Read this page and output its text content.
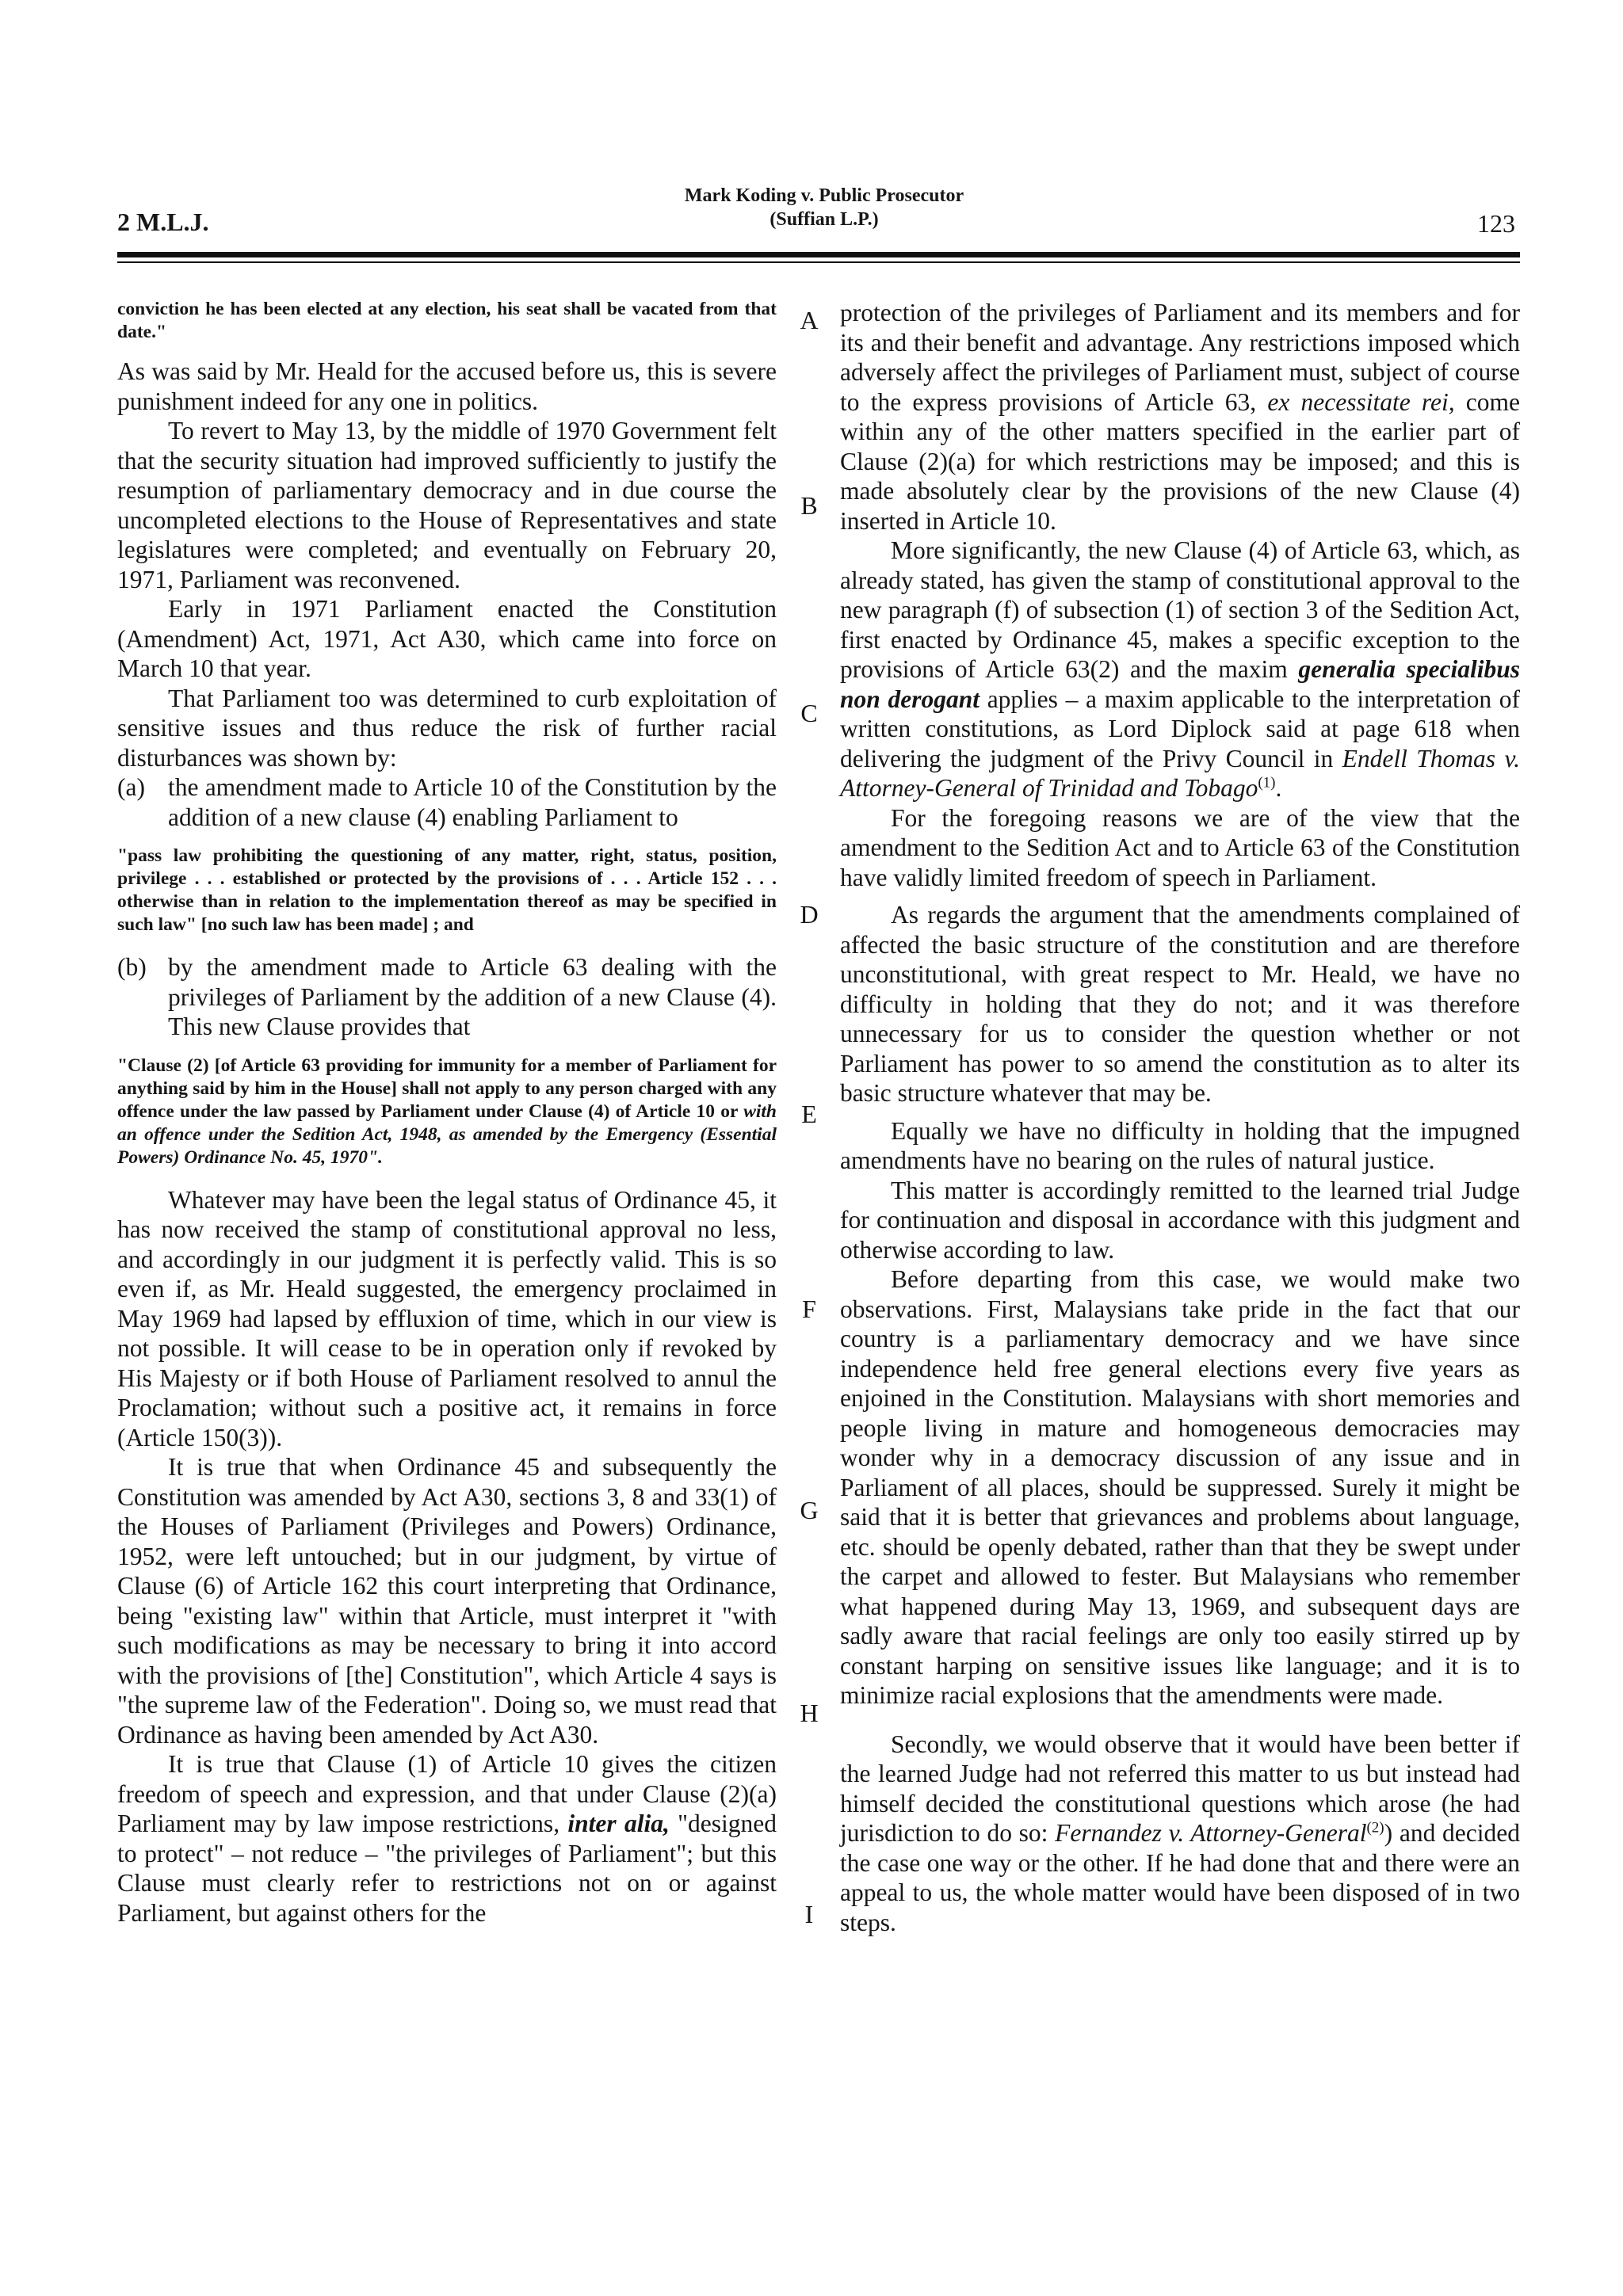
2 M.L.J.
Mark Koding v. Public Prosecutor
(Suffian L.P.)	123
conviction he has been elected at any election, his seat shall be vacated from that date."

As was said by Mr. Heald for the accused before us, this is severe punishment indeed for any one in politics.

To revert to May 13, by the middle of 1970 Government felt that the security situation had improved sufficiently to justify the resumption of parliamentary democracy and in due course the uncompleted elections to the House of Representatives and state legislatures were completed; and eventually on February 20, 1971, Parliament was reconvened.

Early in 1971 Parliament enacted the Constitution (Amendment) Act, 1971, Act A30, which came into force on March 10 that year.

That Parliament too was determined to curb exploitation of sensitive issues and thus reduce the risk of further racial disturbances was shown by:

(a) the amendment made to Article 10 of the Constitution by the addition of a new clause (4) enabling Parliament to
"pass law prohibiting the questioning of any matter, right, status, position, privilege . . . established or protected by the provisions of . . . Article 152 . . . otherwise than in relation to the implementation thereof as may be specified in such law" [no such law has been made] ; and
(b) by the amendment made to Article 63 dealing with the privileges of Parliament by the addition of a new Clause (4). This new Clause provides that
"Clause (2) [of Article 63 providing for immunity for a member of Parliament for anything said by him in the House] shall not apply to any person charged with any offence under the law passed by Parliament under Clause (4) of Article 10 or with an offence under the Sedition Act, 1948, as amended by the Emergency (Essential Powers) Ordinance No. 45, 1970".

Whatever may have been the legal status of Ordinance 45, it has now received the stamp of constitutional approval no less, and accordingly in our judgment it is perfectly valid. This is so even if, as Mr. Heald suggested, the emergency proclaimed in May 1969 had lapsed by effluxion of time, which in our view is not possible. It will cease to be in operation only if revoked by His Majesty or if both House of Parliament resolved to annul the Proclamation; without such a positive act, it remains in force (Article 150(3)).

It is true that when Ordinance 45 and subsequently the Constitution was amended by Act A30, sections 3, 8 and 33(1) of the Houses of Parliament (Privileges and Powers) Ordinance, 1952, were left untouched; but in our judgment, by virtue of Clause (6) of Article 162 this court interpreting that Ordinance, being "existing law" within that Article, must interpret it "with such modifications as may be necessary to bring it into accord with the provisions of [the] Constitution", which Article 4 says is "the supreme law of the Federation". Doing so, we must read that Ordinance as having been amended by Act A30.

It is true that Clause (1) of Article 10 gives the citizen freedom of speech and expression, and that under Clause (2)(a) Parliament may by law impose restrictions, inter alia, "designed to protect" – not reduce – "the privileges of Parliament"; but this Clause must clearly refer to restrictions not on or against Parliament, but against others for the

A
B
C
D
E
F
G
H
I

protection of the privileges of Parliament and its members and for its and their benefit and advantage. Any restrictions imposed which adversely affect the privileges of Parliament must, subject of course to the express provisions of Article 63, ex necessitate rei, come within any of the other matters specified in the earlier part of Clause (2)(a) for which restrictions may be imposed; and this is made absolutely clear by the provisions of the new Clause (4) inserted in Article 10.

More significantly, the new Clause (4) of Article 63, which, as already stated, has given the stamp of constitutional approval to the new paragraph (f) of subsection (1) of section 3 of the Sedition Act, first enacted by Ordinance 45, makes a specific exception to the provisions of Article 63(2) and the maxim generalia specialibus non derogant applies – a maxim applicable to the interpretation of written constitutions, as Lord Diplock said at page 618 when delivering the judgment of the Privy Council in Endell Thomas v. Attorney-General of Trinidad and Tobago$^{(1)}$.

For the foregoing reasons we are of the view that the amendment to the Sedition Act and to Article 63 of the Constitution have validly limited freedom of speech in Parliament.

As regards the argument that the amendments complained of affected the basic structure of the constitution and are therefore unconstitutional, with great respect to Mr. Heald, we have no difficulty in holding that they do not; and it was therefore unnecessary for us to consider the question whether or not Parliament has power to so amend the constitution as to alter its basic structure whatever that may be.

Equally we have no difficulty in holding that the impugned amendments have no bearing on the rules of natural justice.

This matter is accordingly remitted to the learned trial Judge for continuation and disposal in accordance with this judgment and otherwise according to law.

Before departing from this case, we would make two observations. First, Malaysians take pride in the fact that our country is a parliamentary democracy and we have since independence held free general elections every five years as enjoined in the Constitution. Malaysians with short memories and people living in mature and homogeneous democracies may wonder why in a democracy discussion of any issue and in Parliament of all places, should be suppressed. Surely it might be said that it is better that grievances and problems about language, etc. should be openly debated, rather than that they be swept under the carpet and allowed to fester. But Malaysians who remember what happened during May 13, 1969, and subsequent days are sadly aware that racial feelings are only too easily stirred up by constant harping on sensitive issues like language; and it is to minimize racial explosions that the amendments were made.

Secondly, we would observe that it would have been better if the learned Judge had not referred this matter to us but instead had himself decided the constitutional questions which arose (he had jurisdiction to do so: Fernandez v. Attorney-General$^{(2)}$) and decided the case one way or the other. If he had done that and there were an appeal to us, the whole matter would have been disposed of in two steps.
